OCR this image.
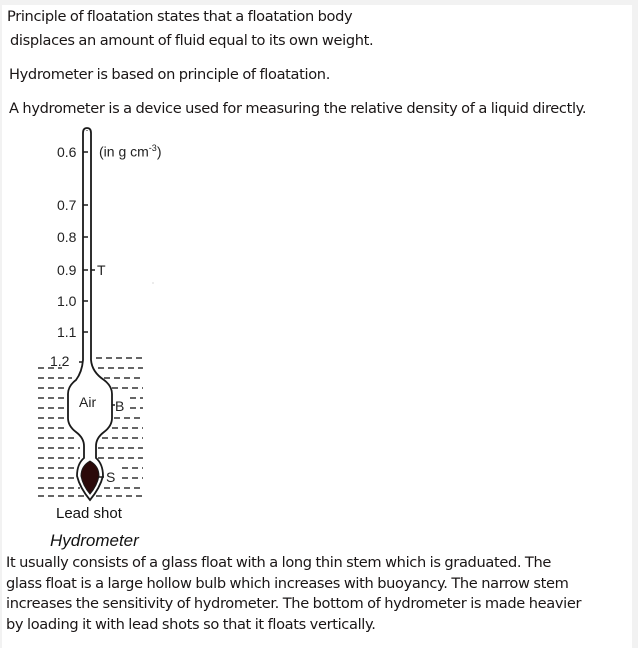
Principle of floatation states that a floatation body
displaces an amount of fluid equal to its own weight.
Hydrometer is based on principle of floatation.
A hydrometer is a device used for measuring the relative density of a liquid directly.
0.6
0.7
0.8
0.9
1.0
1.1
1.2
(in g $cm^{-3}$)
T
Air B
S
Lead shot
Hydrometer
It usually consists of a glass float with a long thin stem which is graduated. The
glass float is a large hollow bulb which increases with buoyancy. The narrow stem
increases the sensitivity of hydrometer. The bottom of hydrometer is made heavier
by loading it with lead shots so that it floats vertically.
